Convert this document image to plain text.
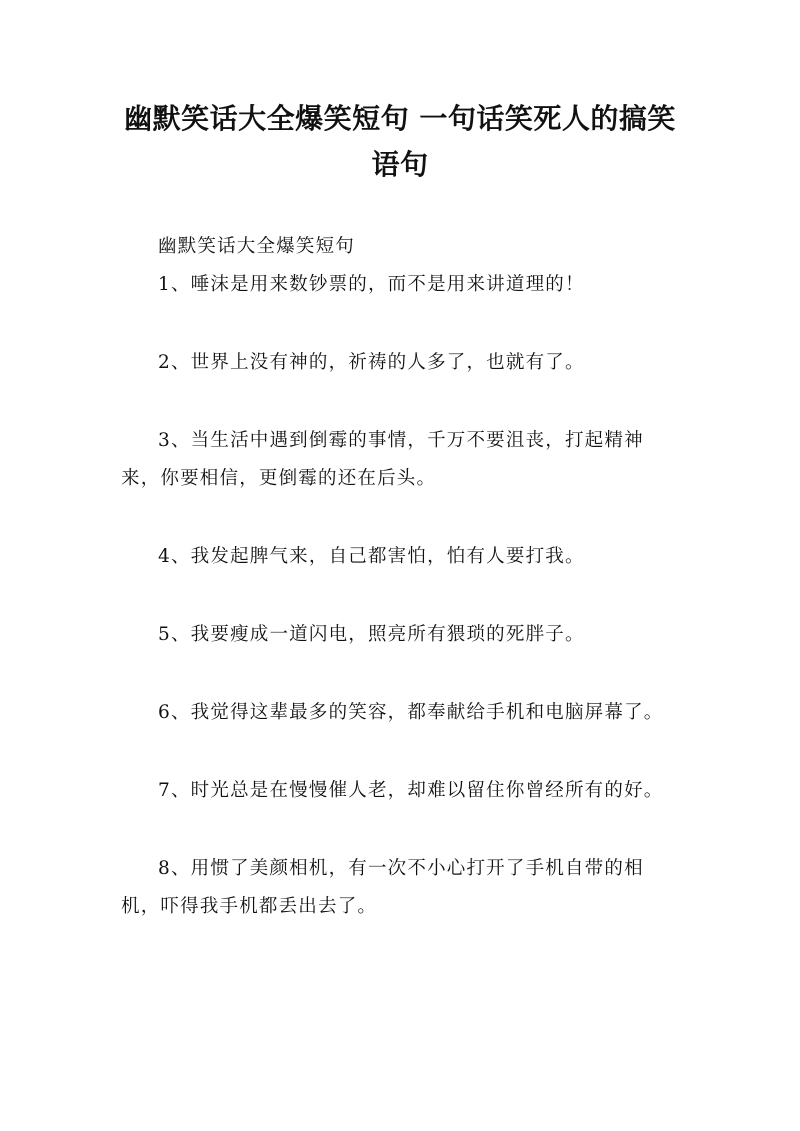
幽默笑话大全爆笑短句 一句话笑死人的搞笑语句

幽默笑话大全爆笑短句

1、唾沫是用来数钞票的，而不是用来讲道理的！

2、世界上没有神的，祈祷的人多了，也就有了。

3、当生活中遇到倒霉的事情，千万不要沮丧，打起精神来，你要相信，更倒霉的还在后头。

4、我发起脾气来，自己都害怕，怕有人要打我。

5、我要瘦成一道闪电，照亮所有猥琐的死胖子。

6、我觉得这辈最多的笑容，都奉献给手机和电脑屏幕了。

7、时光总是在慢慢催人老，却难以留住你曾经所有的好。

8、用惯了美颜相机，有一次不小心打开了手机自带的相机，吓得我手机都丢出去了。
